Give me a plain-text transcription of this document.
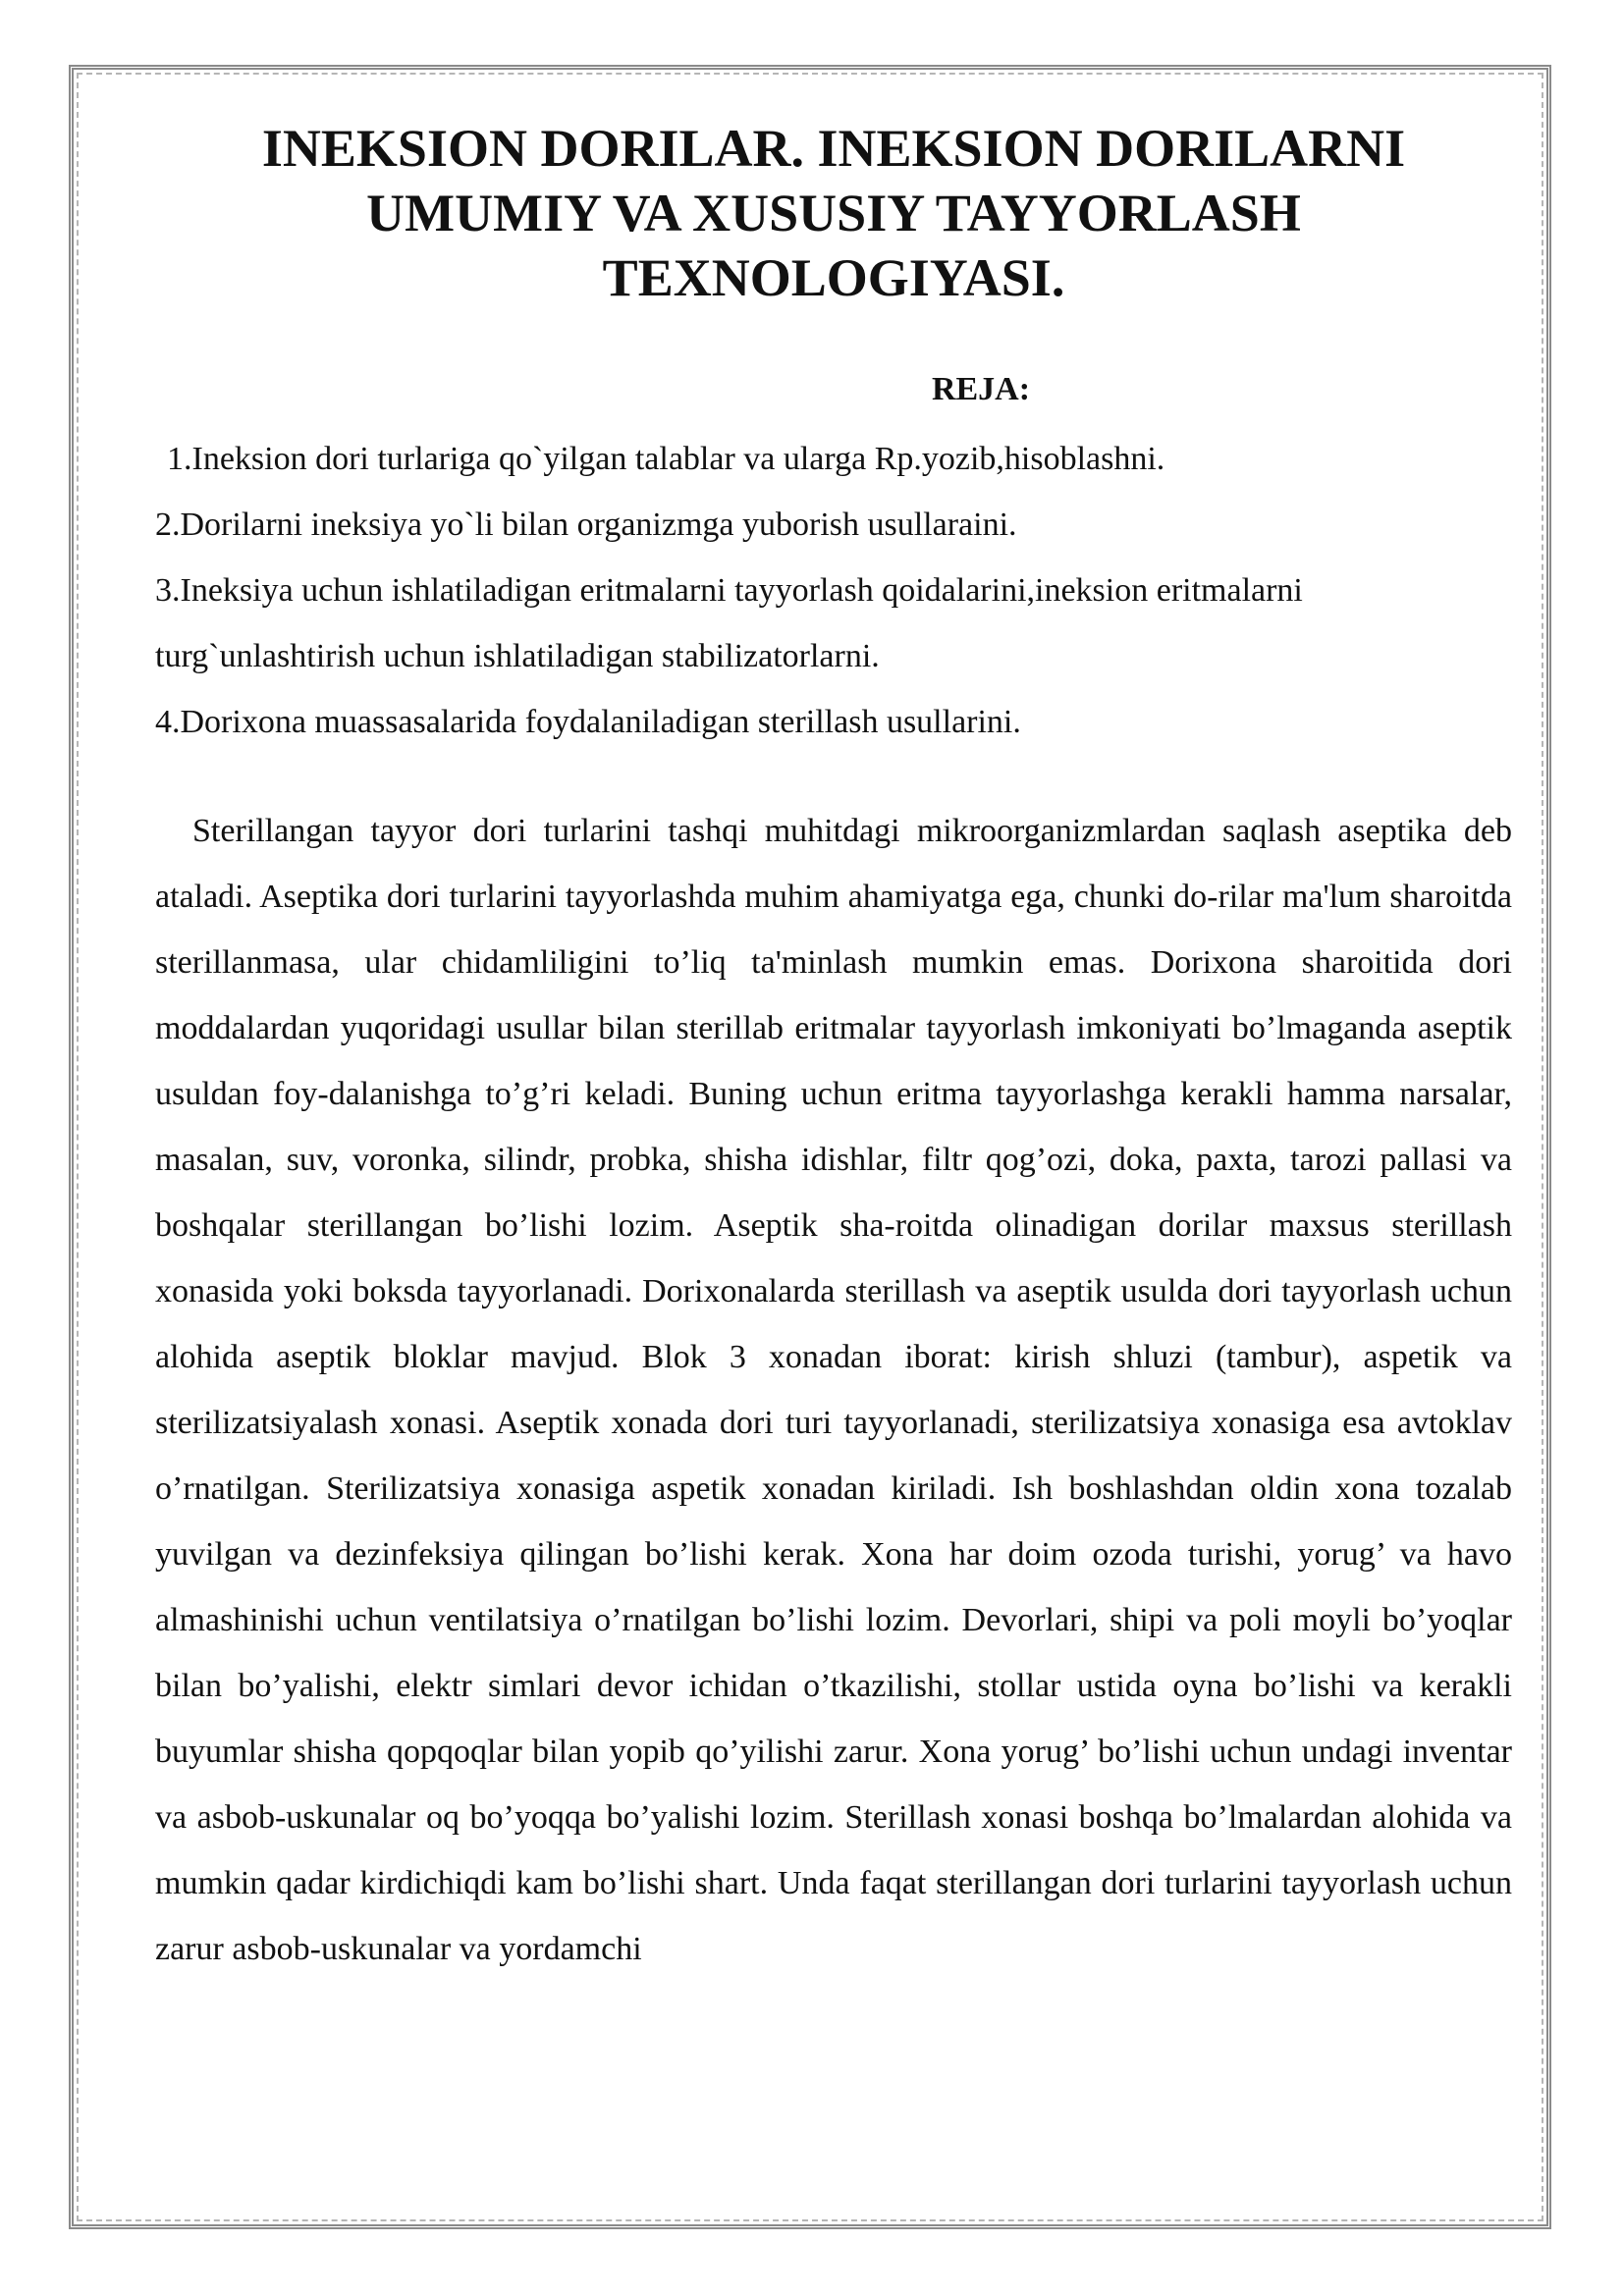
INEKSION DORILAR. INEKSION DORILARNI UMUMIY VA XUSUSIY TAYYORLASH TEXNOLOGIYASI.
REJA:
1.Ineksion dori turlariga qo`yilgan talablar va ularga Rp.yozib,hisoblashni.
2.Dorilarni ineksiya yo`li bilan organizmga yuborish usullaraini.
3.Ineksiya uchun ishlatiladigan eritmalarni tayyorlash qoidalarini,ineksion eritmalarni turg`unlashtirish uchun ishlatiladigan stabilizatorlarni.
4.Dorixona muassasalarida foydalaniladigan sterillash usullarini.

Sterillangan tayyor dori turlarini tashqi muhitdagi mikroorganizmlardan saqlash aseptika deb ataladi. Aseptika dori turlarini tayyorlashda muhim ahamiyatga ega, chunki do-rilar ma'lum sharoitda sterillanmasa, ular chidamliligini to’liq ta'minlash mumkin emas. Dorixona sharoitida dori moddalardan yuqoridagi usullar bilan sterillab eritmalar tayyorlash imkoniyati bo’lmaganda aseptik usuldan foy-dalanishga to’g’ri keladi. Buning uchun eritma tayyorlashga kerakli hamma narsalar, masalan, suv, voronka, silindr, probka, shisha idishlar, filtr qog’ozi, doka, paxta, tarozi pallasi va boshqalar sterillangan bo’lishi lozim. Aseptik sha-roitda olinadigan dorilar maxsus sterillash xonasida yoki boksda tayyorlanadi. Dorixonalarda sterillash va aseptik usulda dori tayyorlash uchun alohida aseptik bloklar mavjud. Blok 3 xonadan iborat: kirish shluzi (tambur), aspetik va sterilizatsiyalash xonasi. Aseptik xonada dori turi tayyorlanadi, sterilizatsiya xonasiga esa avtoklav o’rnatilgan. Sterilizatsiya xonasiga aspetik xonadan kiriladi. Ish boshlashdan oldin xona tozalab yuvilgan va dezinfeksiya qilingan bo’lishi kerak. Xona har doim ozoda turishi, yorug’ va havo almashinishi uchun ventilatsiya o’rnatilgan bo’lishi lozim. Devorlari, shipi va poli moyli bo’yoqlar bilan bo’yalishi, elektr simlari devor ichidan o’tkazilishi, stollar ustida oyna bo’lishi va kerakli buyumlar shisha qopqoqlar bilan yopib qo’yilishi zarur. Xona yorug’ bo’lishi uchun undagi inventar va asbob-uskunalar oq bo’yoqqa bo’yalishi lozim. Sterillash xonasi boshqa bo’lmalardan alohida va mumkin qadar kirdichiqdi kam bo’lishi shart. Unda faqat sterillangan dori turlarini tayyorlash uchun zarur asbob-uskunalar va yordamchi
